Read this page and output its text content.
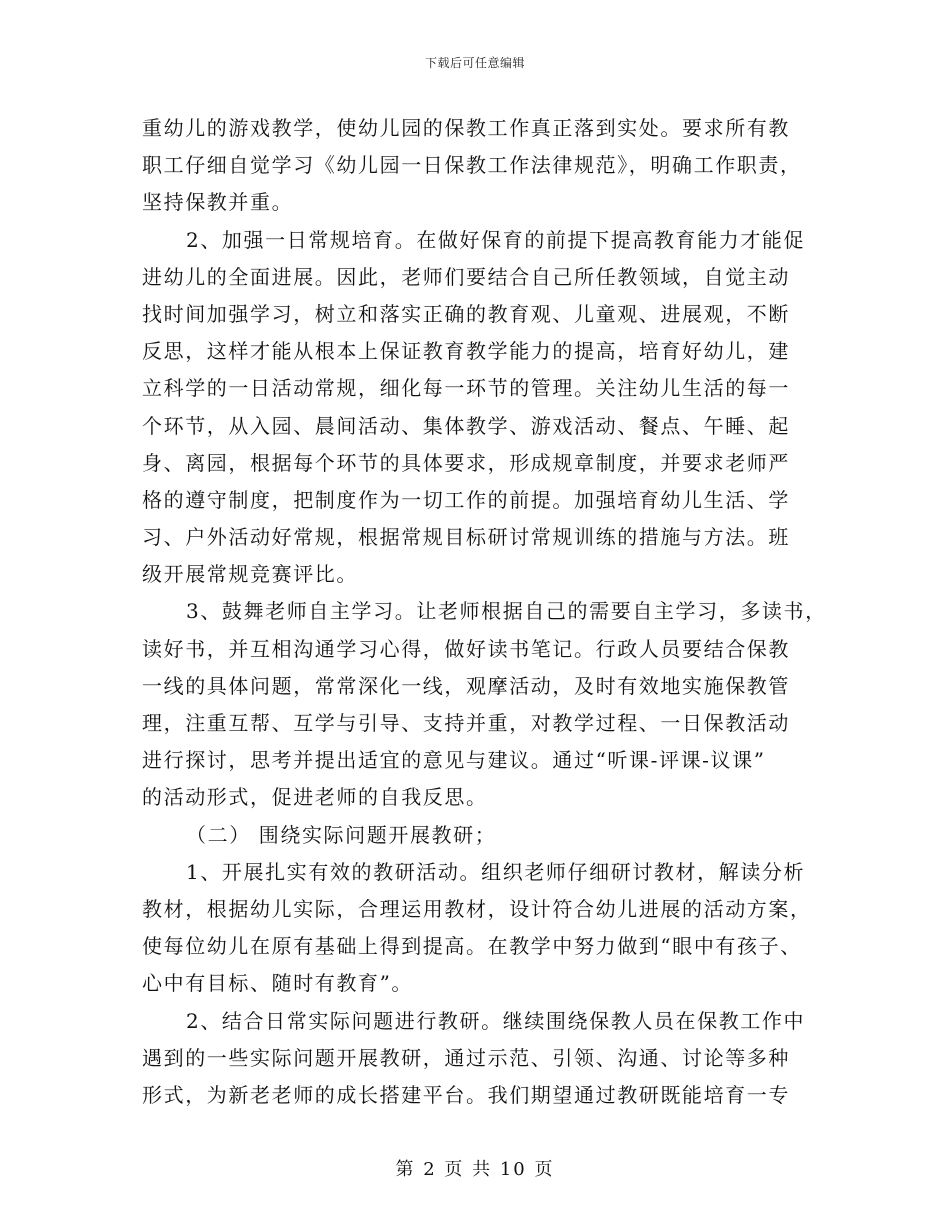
下载后可任意编辑
重幼儿的游戏教学，使幼儿园的保教工作真正落到实处。要求所有教
职工仔细自觉学习《幼儿园一日保教工作法律规范》，明确工作职责，
坚持保教并重。
2、加强一日常规培育。在做好保育的前提下提高教育能力才能促
进幼儿的全面进展。因此，老师们要结合自己所任教领域，自觉主动
找时间加强学习，树立和落实正确的教育观、儿童观、进展观，不断
反思，这样才能从根本上保证教育教学能力的提高，培育好幼儿，建
立科学的一日活动常规，细化每一环节的管理。关注幼儿生活的每一
个环节，从入园、晨间活动、集体教学、游戏活动、餐点、午睡、起
身、离园，根据每个环节的具体要求，形成规章制度，并要求老师严
格的遵守制度，把制度作为一切工作的前提。加强培育幼儿生活、学
习、户外活动好常规，根据常规目标研讨常规训练的措施与方法。班
级开展常规竞赛评比。
3、鼓舞老师自主学习。让老师根据自己的需要自主学习，多读书，
读好书，并互相沟通学习心得，做好读书笔记。行政人员要结合保教
一线的具体问题，常常深化一线，观摩活动，及时有效地实施保教管
理，注重互帮、互学与引导、支持并重，对教学过程、一日保教活动
进行探讨，思考并提出适宜的意见与建议。通过“听课-评课-议课”
的活动形式，促进老师的自我反思。
（二） 围绕实际问题开展教研；
1、开展扎实有效的教研活动。组织老师仔细研讨教材，解读分析
教材，根据幼儿实际，合理运用教材，设计符合幼儿进展的活动方案，
使每位幼儿在原有基础上得到提高。在教学中努力做到“眼中有孩子、
心中有目标、随时有教育”。
2、结合日常实际问题进行教研。继续围绕保教人员在保教工作中
遇到的一些实际问题开展教研，通过示范、引领、沟通、讨论等多种
形式，为新老老师的成长搭建平台。我们期望通过教研既能培育一专
第 2 页 共 10 页
